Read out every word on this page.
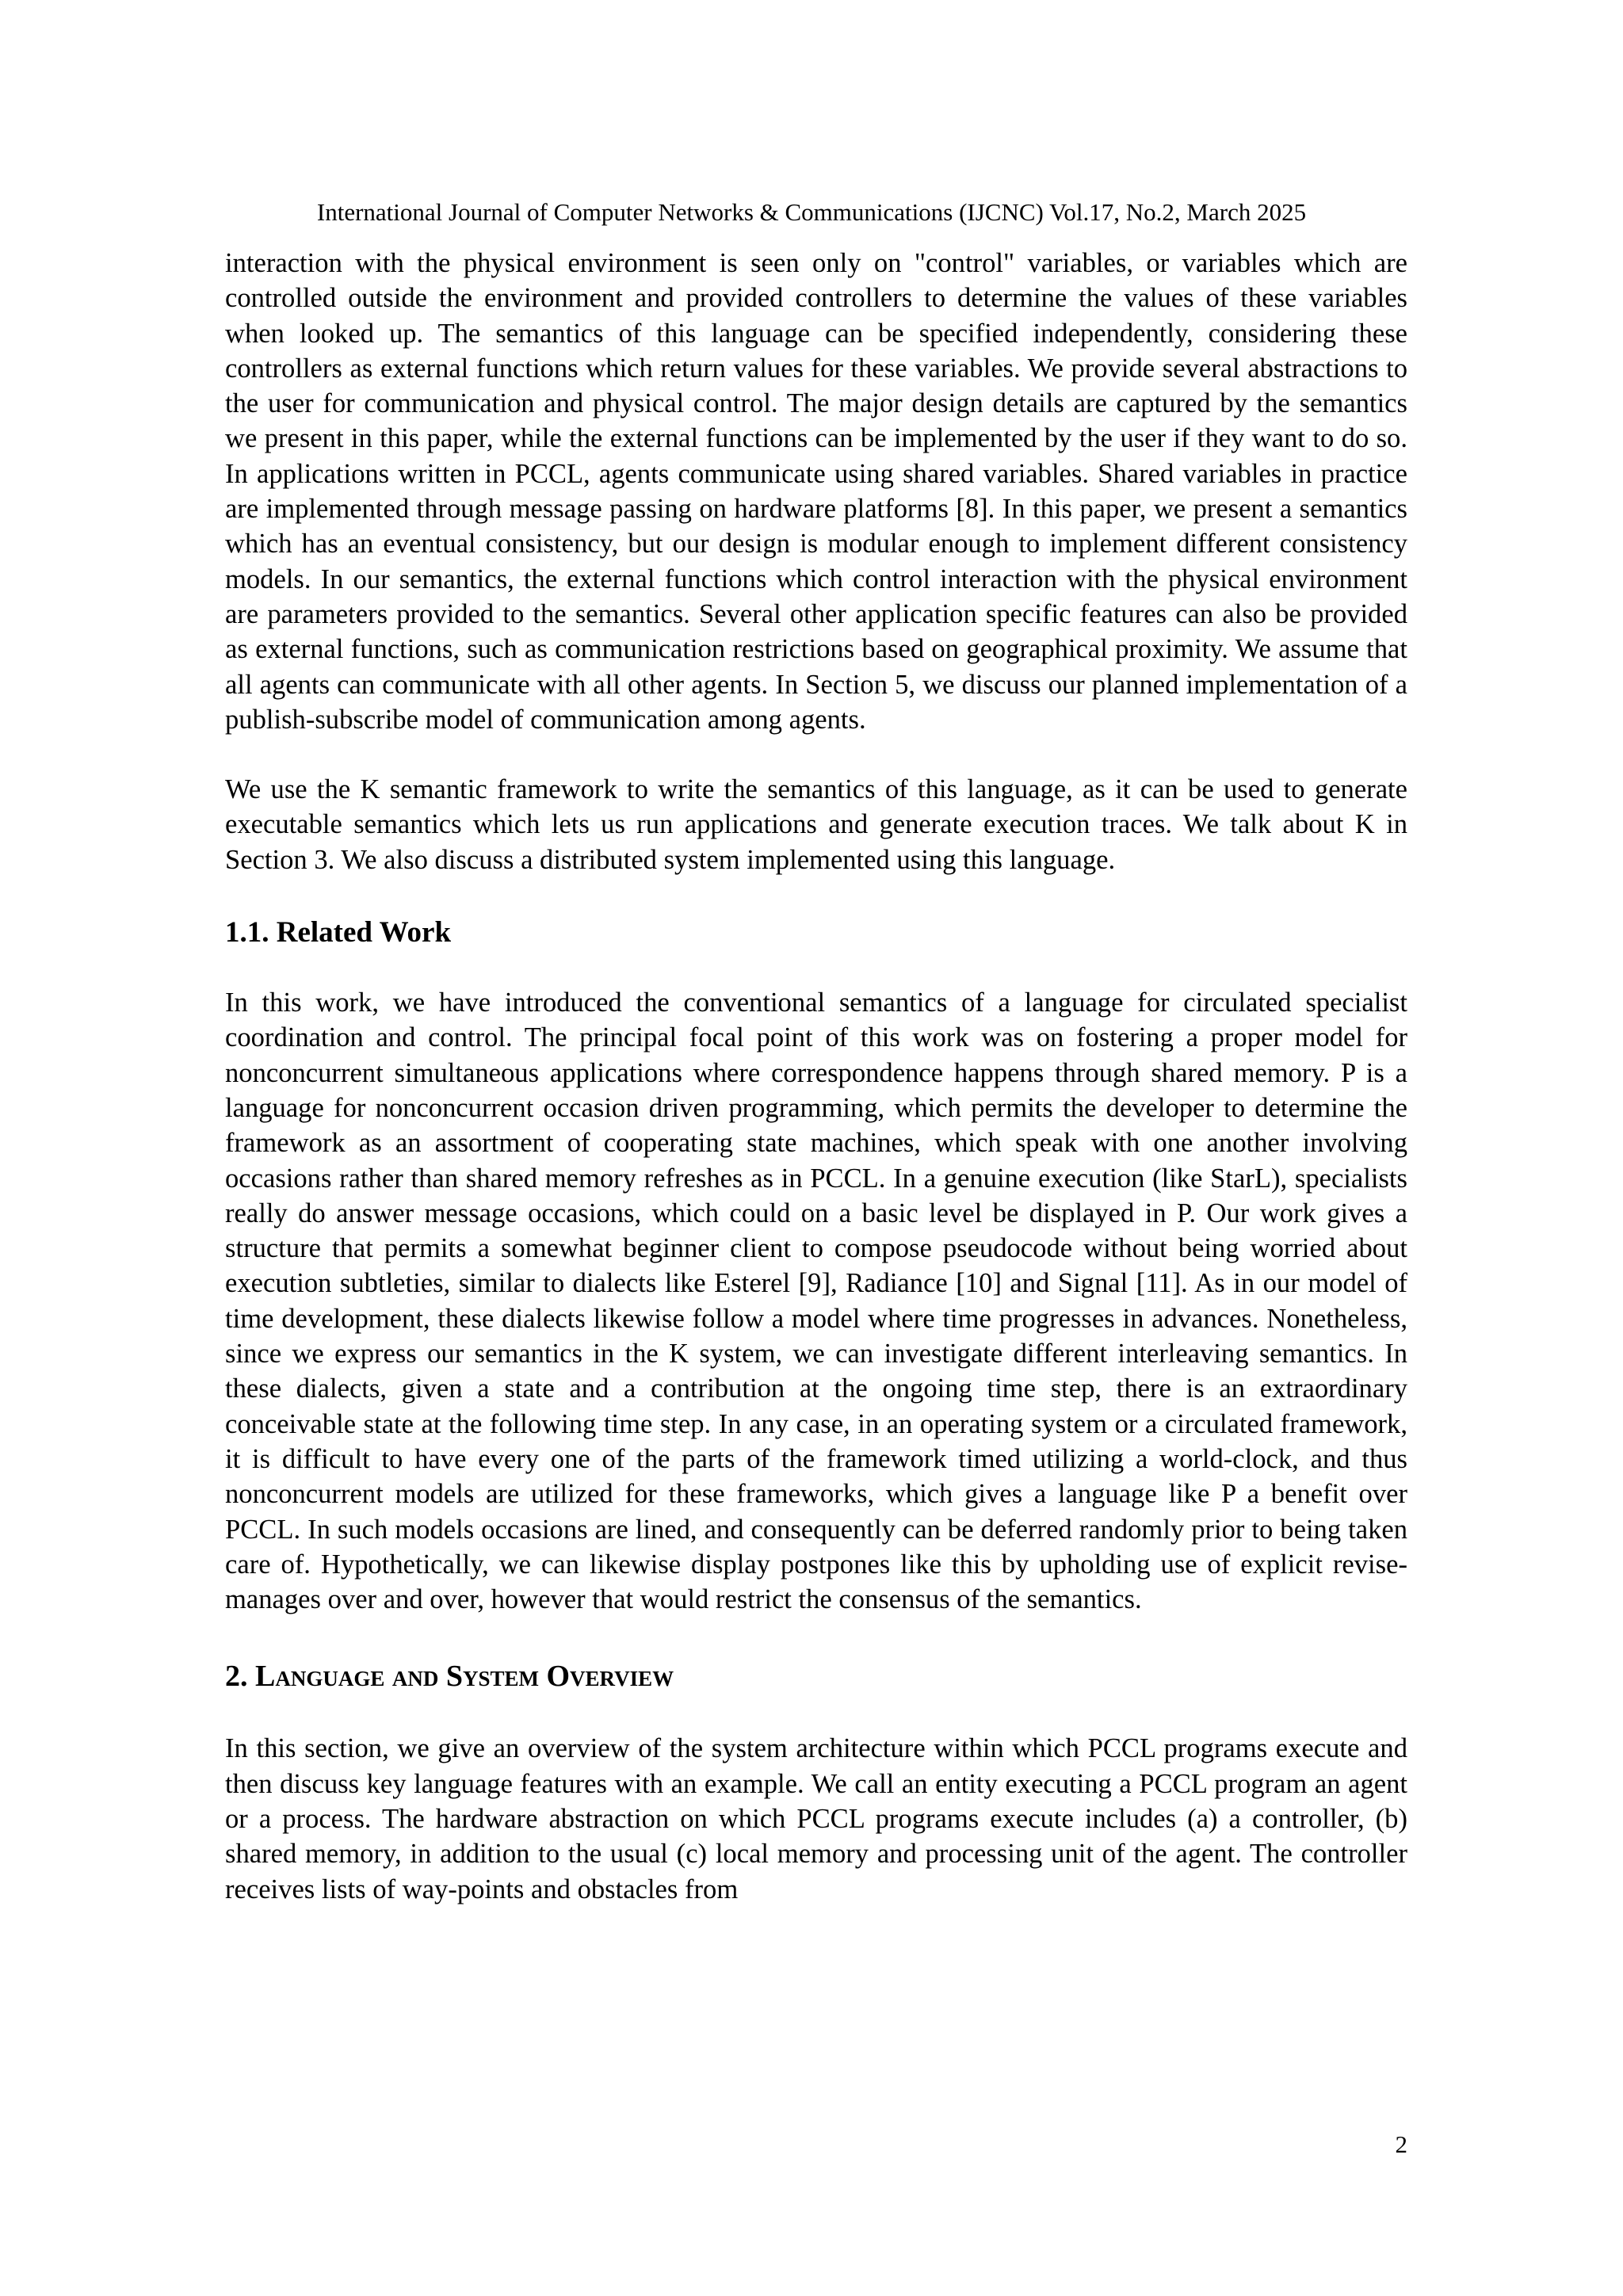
International Journal of Computer Networks & Communications (IJCNC) Vol.17, No.2, March 2025

interaction with the physical environment is seen only on "control" variables, or variables which are controlled outside the environment and provided controllers to determine the values of these variables when looked up. The semantics of this language can be specified independently, considering these controllers as external functions which return values for these variables. We provide several abstractions to the user for communication and physical control. The major design details are captured by the semantics we present in this paper, while the external functions can be implemented by the user if they want to do so. In applications written in PCCL, agents communicate using shared variables. Shared variables in practice are implemented through message passing on hardware platforms [8]. In this paper, we present a semantics which has an eventual consistency, but our design is modular enough to implement different consistency models. In our semantics, the external functions which control interaction with the physical environment are parameters provided to the semantics. Several other application specific features can also be provided as external functions, such as communication restrictions based on geographical proximity. We assume that all agents can communicate with all other agents. In Section 5, we discuss our planned implementation of a publish-subscribe model of communication among agents.

We use the K semantic framework to write the semantics of this language, as it can be used to generate executable semantics which lets us run applications and generate execution traces. We talk about K in Section 3. We also discuss a distributed system implemented using this language.

1.1. Related Work

In this work, we have introduced the conventional semantics of a language for circulated specialist coordination and control. The principal focal point of this work was on fostering a proper model for nonconcurrent simultaneous applications where correspondence happens through shared memory. P is a language for nonconcurrent occasion driven programming, which permits the developer to determine the framework as an assortment of cooperating state machines, which speak with one another involving occasions rather than shared memory refreshes as in PCCL. In a genuine execution (like StarL), specialists really do answer message occasions, which could on a basic level be displayed in P. Our work gives a structure that permits a somewhat beginner client to compose pseudocode without being worried about execution subtleties, similar to dialects like Esterel [9], Radiance [10] and Signal [11]. As in our model of time development, these dialects likewise follow a model where time progresses in advances. Nonetheless, since we express our semantics in the K system, we can investigate different interleaving semantics. In these dialects, given a state and a contribution at the ongoing time step, there is an extraordinary conceivable state at the following time step. In any case, in an operating system or a circulated framework, it is difficult to have every one of the parts of the framework timed utilizing a world-clock, and thus nonconcurrent models are utilized for these frameworks, which gives a language like P a benefit over PCCL. In such models occasions are lined, and consequently can be deferred randomly prior to being taken care of. Hypothetically, we can likewise display postpones like this by upholding use of explicit revise-manages over and over, however that would restrict the consensus of the semantics.

2. Language and System Overview

In this section, we give an overview of the system architecture within which PCCL programs execute and then discuss key language features with an example. We call an entity executing a PCCL program an agent or a process. The hardware abstraction on which PCCL programs execute includes (a) a controller, (b) shared memory, in addition to the usual (c) local memory and processing unit of the agent. The controller receives lists of way-points and obstacles from

2
